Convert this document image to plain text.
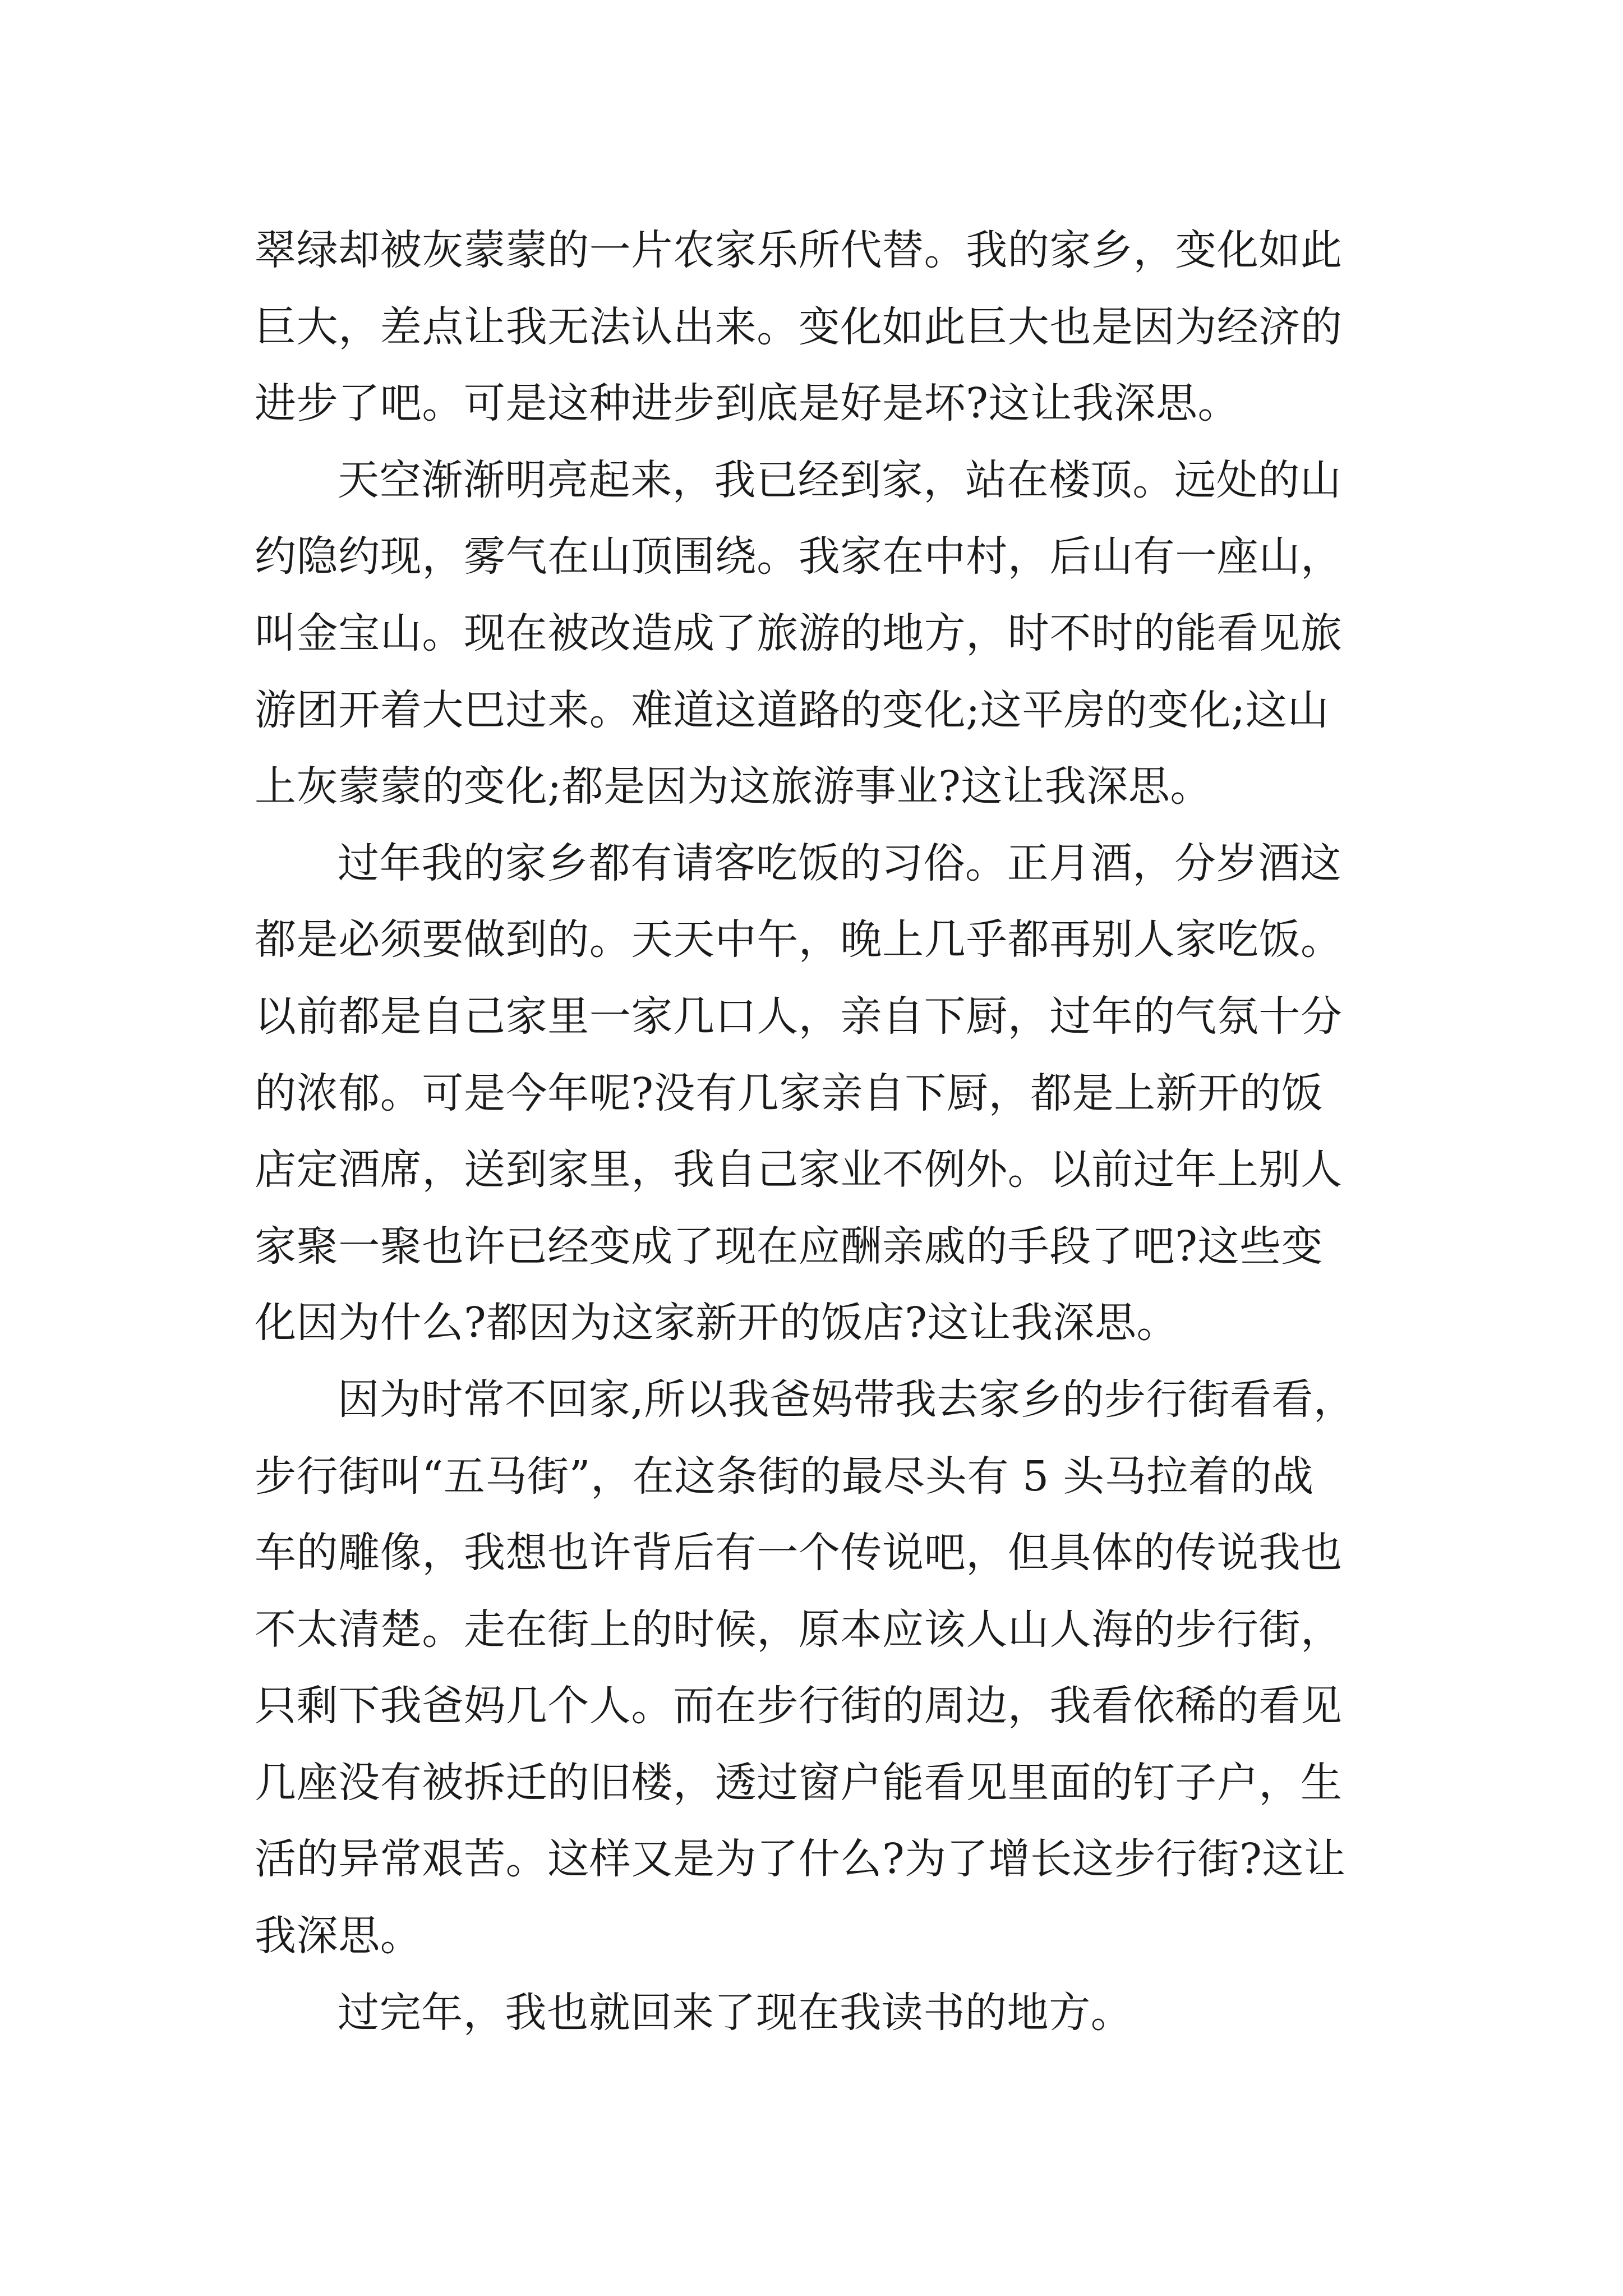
翠绿却被灰蒙蒙的一片农家乐所代替。我的家乡，变化如此
巨大，差点让我无法认出来。变化如此巨大也是因为经济的
进步了吧。可是这种进步到底是好是坏?这让我深思。
天空渐渐明亮起来，我已经到家，站在楼顶。远处的山
约隐约现，雾气在山顶围绕。我家在中村，后山有一座山，
叫金宝山。现在被改造成了旅游的地方，时不时的能看见旅
游团开着大巴过来。难道这道路的变化;这平房的变化;这山
上灰蒙蒙的变化;都是因为这旅游事业?这让我深思。
过年我的家乡都有请客吃饭的习俗。正月酒，分岁酒这
都是必须要做到的。天天中午，晚上几乎都再别人家吃饭。
以前都是自己家里一家几口人，亲自下厨，过年的气氛十分
的浓郁。可是今年呢?没有几家亲自下厨，都是上新开的饭
店定酒席，送到家里，我自己家业不例外。以前过年上别人
家聚一聚也许已经变成了现在应酬亲戚的手段了吧?这些变
化因为什么?都因为这家新开的饭店?这让我深思。
因为时常不回家,所以我爸妈带我去家乡的步行街看看，
步行街叫“五马街”，在这条街的最尽头有 5 头马拉着的战
车的雕像，我想也许背后有一个传说吧，但具体的传说我也
不太清楚。走在街上的时候，原本应该人山人海的步行街，
只剩下我爸妈几个人。而在步行街的周边，我看依稀的看见
几座没有被拆迁的旧楼，透过窗户能看见里面的钉子户，生
活的异常艰苦。这样又是为了什么?为了增长这步行街?这让
我深思。
过完年，我也就回来了现在我读书的地方。
